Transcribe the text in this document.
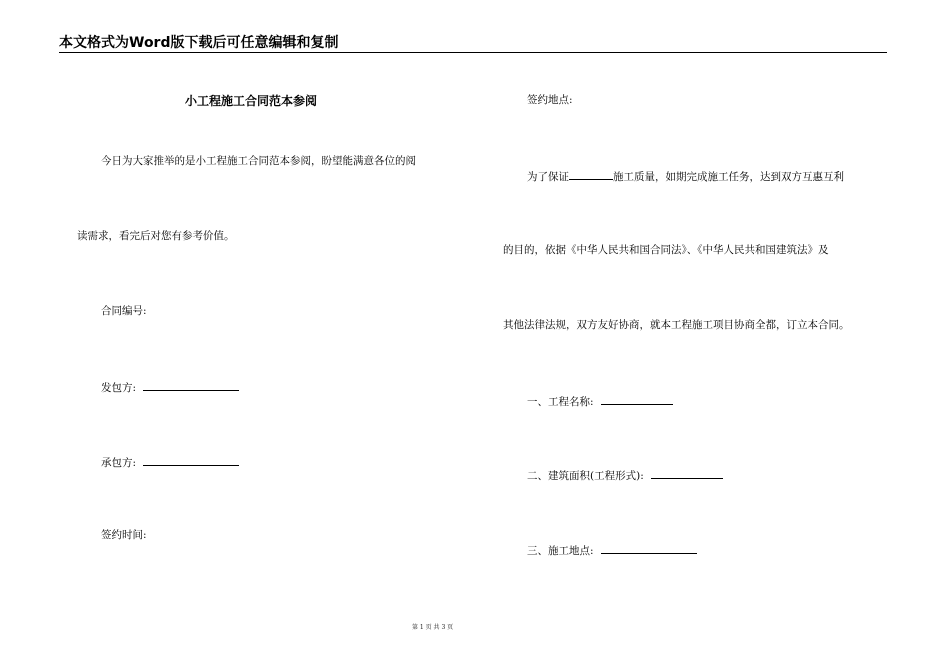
本文格式为Word版下载后可任意编辑和复制
小工程施工合同范本参阅
今日为大家推举的是小工程施工合同范本参阅，盼望能满意各位的阅
读需求，看完后对您有参考价值。
合同编号:
发包方:
承包方:
签约时间:
签约地点:
为了保证	施工质量，如期完成施工任务，达到双方互惠互利
的目的，依据《中华人民共和国合同法》、《中华人民共和国建筑法》及
其他法律法规，双方友好协商，就本工程施工项目协商全都，订立本合同。
一、工程名称:
二、建筑面积(工程形式):
三、施工地点:
第 1 页 共 3 页
